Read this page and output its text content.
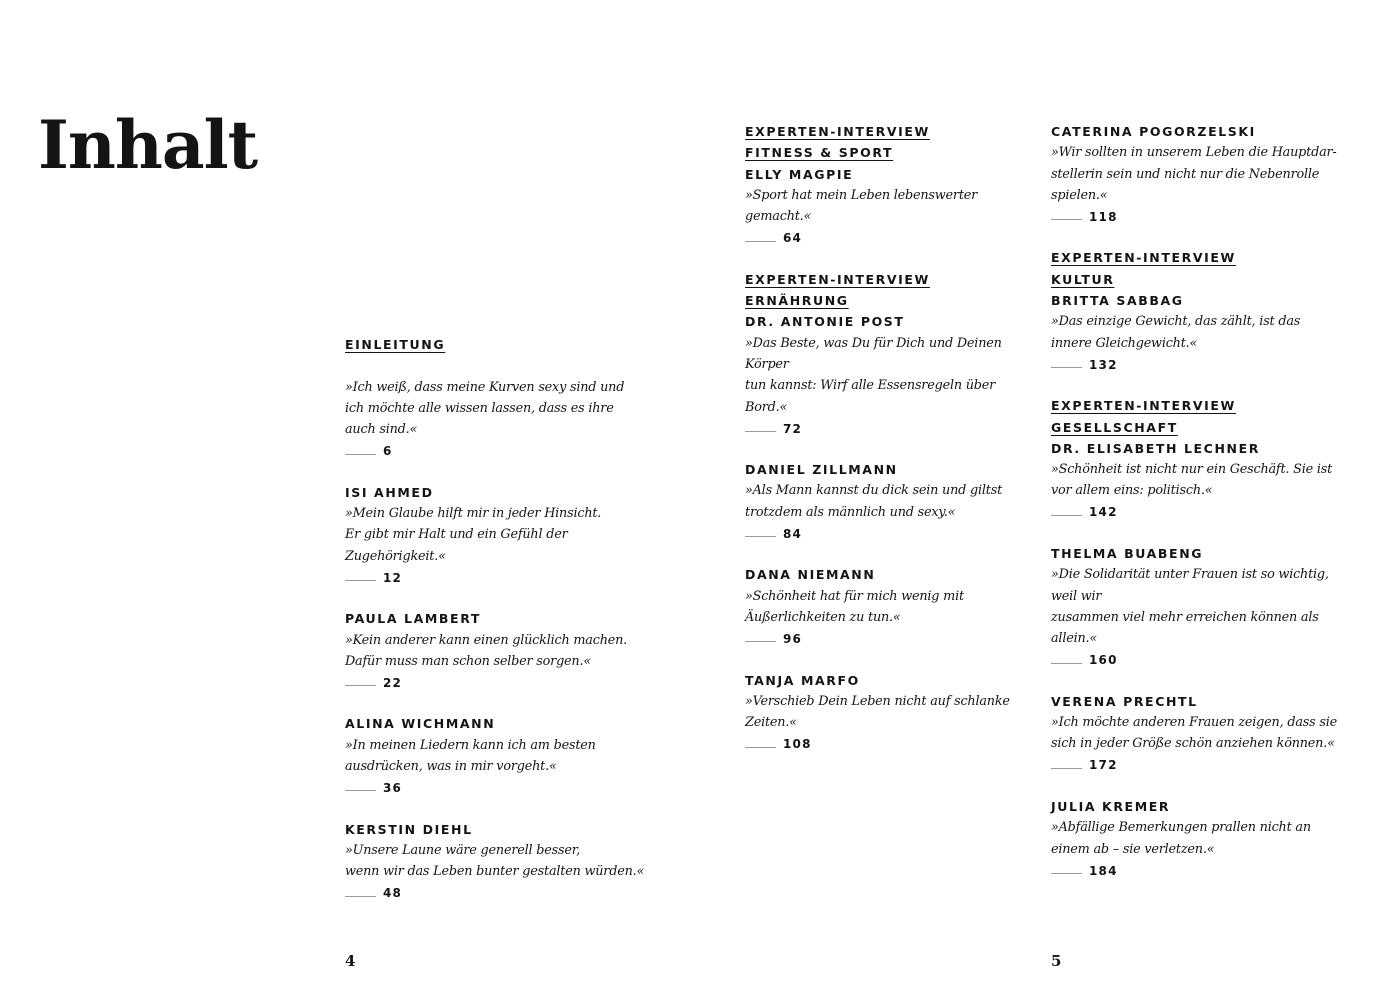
Inhalt
EINLEITUNG
»Ich weiß, dass meine Kurven sexy sind und
ich möchte alle wissen lassen, dass es ihre auch sind.«
6
ISI AHMED
»Mein Glaube hilft mir in jeder Hinsicht.
Er gibt mir Halt und ein Gefühl der Zugehörigkeit.«
12
PAULA LAMBERT
»Kein anderer kann einen glücklich machen.
Dafür muss man schon selber sorgen.«
22
ALINA WICHMANN
»In meinen Liedern kann ich am besten
ausdrücken, was in mir vorgeht.«
36
KERSTIN DIEHL
»Unsere Laune wäre generell besser,
wenn wir das Leben bunter gestalten würden.«
48
EXPERTEN-INTERVIEW
FITNESS & SPORT
ELLY MAGPIE
»Sport hat mein Leben lebenswerter gemacht.«
64
EXPERTEN-INTERVIEW
ERNÄHRUNG
DR. ANTONIE POST
»Das Beste, was Du für Dich und Deinen Körper
tun kannst: Wirf alle Essensregeln über Bord.«
72
DANIEL ZILLMANN
»Als Mann kannst du dick sein und giltst
trotzdem als männlich und sexy.«
84
DANA NIEMANN
»Schönheit hat für mich wenig mit
Äußerlichkeiten zu tun.«
96
TANJA MARFO
»Verschieb Dein Leben nicht auf schlanke Zeiten.«
108
CATERINA POGORZELSKI
»Wir sollten in unserem Leben die Hauptdar-
stellerin sein und nicht nur die Nebenrolle spielen.«
118
EXPERTEN-INTERVIEW
KULTUR
BRITTA SABBAG
»Das einzige Gewicht, das zählt, ist das
innere Gleichgewicht.«
132
EXPERTEN-INTERVIEW
GESELLSCHAFT
DR. ELISABETH LECHNER
»Schönheit ist nicht nur ein Geschäft. Sie ist
vor allem eins: politisch.«
142
THELMA BUABENG
»Die Solidarität unter Frauen ist so wichtig, weil wir
zusammen viel mehr erreichen können als allein.«
160
VERENA PRECHTL
»Ich möchte anderen Frauen zeigen, dass sie
sich in jeder Größe schön anziehen können.«
172
JULIA KREMER
»Abfällige Bemerkungen prallen nicht an
einem ab – sie verletzen.«
184
4	5
